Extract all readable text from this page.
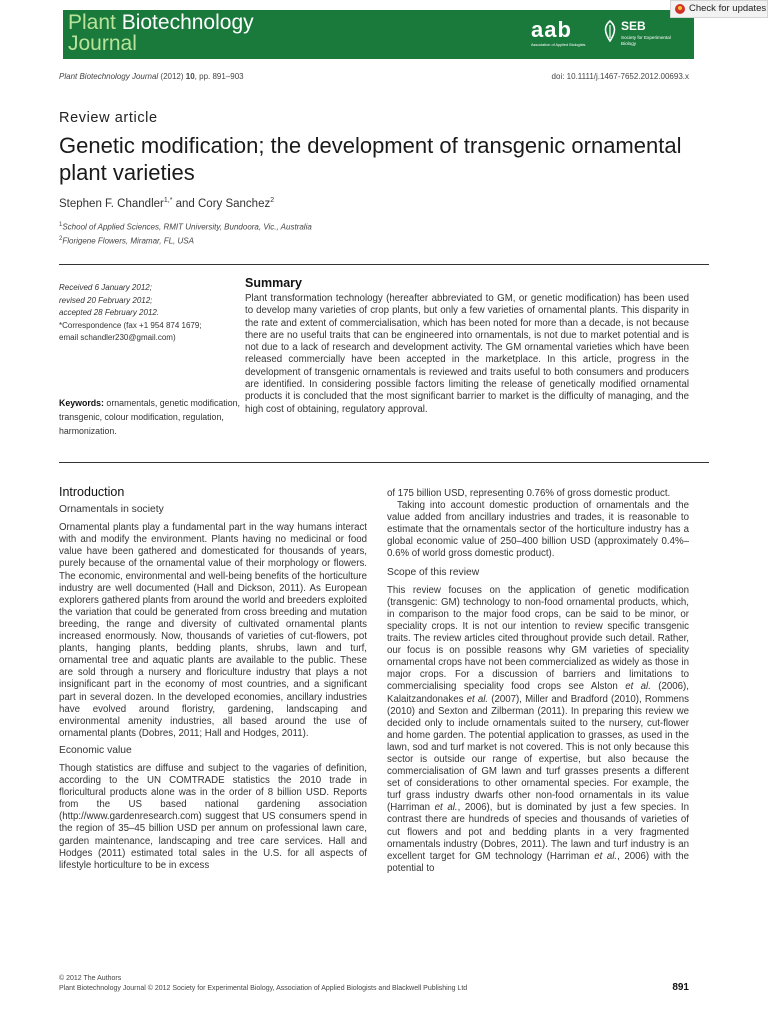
Plant Biotechnology
Journal
aab
Association of Applied Biologists
SEB
Society for Experimental Biology
Check for updates
Plant Biotechnology Journal (2012) 10, pp. 891–903	doi: 10.1111/j.1467-7652.2012.00693.x
Review article
Genetic modification; the development of transgenic ornamental plant varieties
Stephen F. Chandler$^{1,*}$ and Cory Sanchez$^2$
$^1$School of Applied Sciences, RMIT University, Bundoora, Vic., Australia
$^2$Florigene Flowers, Miramar, FL, USA
Received 6 January 2012;
revised 20 February 2012;
accepted 28 February 2012.
*Correspondence (fax +1 954 874 1679;
email schandler230@gmail.com)
Keywords: ornamentals, genetic modification, transgenic, colour modification, regulation, harmonization.
Summary
Plant transformation technology (hereafter abbreviated to GM, or genetic modification) has been used to develop many varieties of crop plants, but only a few varieties of ornamental plants. This disparity in the rate and extent of commercialisation, which has been noted for more than a decade, is not because there are no useful traits that can be engineered into ornamentals, is not due to market potential and is not due to a lack of research and development activity. The GM ornamental varieties which have been released commercially have been accepted in the marketplace. In this article, progress in the development of transgenic ornamentals is reviewed and traits useful to both consumers and producers are identified. In considering possible factors limiting the release of genetically modified ornamental products it is concluded that the most significant barrier to market is the difficulty of managing, and the high cost of obtaining, regulatory approval.
Introduction
Ornamentals in society

Ornamental plants play a fundamental part in the way humans interact with and modify the environment. Plants having no medicinal or food value have been gathered and domesticated for thousands of years, purely because of the ornamental value of their morphology or flowers. The economic, environmental and well-being benefits of the horticulture industry are well documented (Hall and Dickson, 2011). As European explorers gathered plants from around the world and breeders exploited the variation that could be generated from cross breeding and mutation breeding, the range and diversity of cultivated ornamental plants increased enormously. Now, thousands of varieties of cut-flowers, pot plants, hanging plants, bedding plants, shrubs, lawn and turf, ornamental tree and aquatic plants are available to the public. These are sold through a nursery and floriculture industry that plays a not insignificant part in the economy of most countries, and a significant part in several dozen. In the developed economies, ancillary industries have evolved around floristry, gardening, landscaping and environmental amenity industries, all based around the use of ornamental plants (Dobres, 2011; Hall and Hodges, 2011).

Economic value

Though statistics are diffuse and subject to the vagaries of definition, according to the UN COMTRADE statistics the 2010 trade in floricultural products alone was in the order of 8 billion USD. Reports from the US based national gardening association (http://www.gardenresearch.com) suggest that US consumers spend in the region of 35–45 billion USD per annum on professional lawn care, garden maintenance, landscaping and tree care services. Hall and Hodges (2011) estimated total sales in the U.S. for all aspects of lifestyle horticulture to be in excess

of 175 billion USD, representing 0.76% of gross domestic product.

Taking into account domestic production of ornamentals and the value added from ancillary industries and trades, it is reasonable to estimate that the ornamentals sector of the horticulture industry has a global economic value of 250–400 billion USD (approximately 0.4%–0.6% of world gross domestic product).

Scope of this review

This review focuses on the application of genetic modification (transgenic: GM) technology to non-food ornamental products, which, in comparison to the major food crops, can be said to be minor, or speciality crops. It is not our intention to review specific transgenic traits. The review articles cited throughout provide such detail. Rather, our focus is on possible reasons why GM varieties of speciality ornamental crops have not been commercialized as widely as those in major crops. For a discussion of barriers and limitations to commercialising speciality food crops see Alston et al. (2006), Kalaitzandonakes et al. (2007), Miller and Bradford (2010), Rommens (2010) and Sexton and Zilberman (2011). In preparing this review we decided only to include ornamentals suited to the nursery, cut-flower and home garden. The potential application to grasses, as used in the lawn, sod and turf market is not covered. This is not only because this sector is outside our range of expertise, but also because the commercialisation of GM lawn and turf grasses presents a different set of considerations to other ornamental species. For example, the turf grass industry dwarfs other non-food ornamentals in its value (Harriman et al., 2006), but is dominated by just a few species. In contrast there are hundreds of species and thousands of varieties of cut flowers and pot and bedding plants in a very fragmented ornamentals industry (Dobres, 2011). The lawn and turf industry is an excellent target for GM technology (Harriman et al., 2006) with the potential to

© 2012 The Authors
Plant Biotechnology Journal © 2012 Society for Experimental Biology, Association of Applied Biologists and Blackwell Publishing Ltd	891
